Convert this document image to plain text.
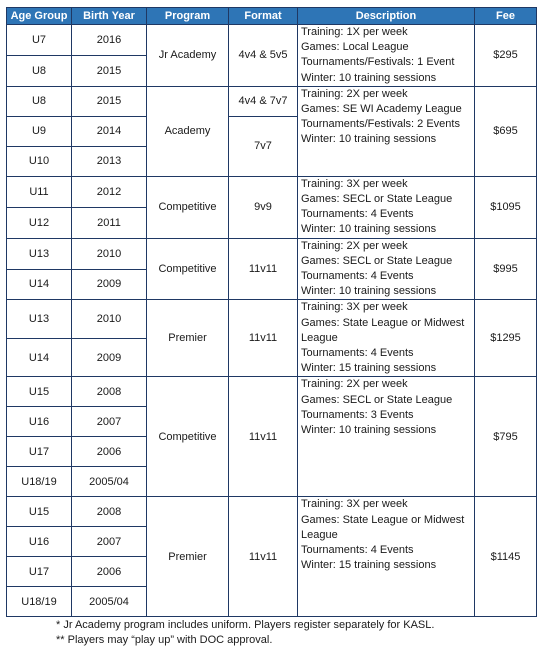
Age Group	Birth Year	Program	Format	Description	Fee
U7	2016	Jr Academy	4v4 & 5v5	Training: 1X per week
Games: Local League
Tournaments/Festivals: 1 Event
Winter: 10 training sessions	$295
U8	2015				
U8	2015	Academy	4v4 & 7v7	Training: 2X per week
Games: SE WI Academy League
Tournaments/Festivals: 2 Events
Winter: 10 training sessions	$695
U9	2014		7v7		
U10	2013				
U11	2012	Competitive	9v9	Training: 3X per week
Games: SECL or State League
Tournaments: 4 Events
Winter: 10 training sessions	$1095
U12	2011				
U13	2010	Competitive	11v11	Training: 2X per week
Games: SECL or State League
Tournaments: 4 Events
Winter: 10 training sessions	$995
U14	2009				
U13	2010	Premier	11v11	Training: 3X per week
Games: State League or Midwest
League
Tournaments: 4 Events
Winter: 15 training sessions	$1295
U14	2009				
U15	2008	Competitive	11v11	Training: 2X per week
Games: SECL or State League
Tournaments: 3 Events
Winter: 10 training sessions	$795
U16	2007				
U17	2006				
U18/19	2005/04				
U15	2008	Premier	11v11	Training: 3X per week
Games: State League or Midwest
League
Tournaments: 4 Events
Winter: 15 training sessions	$1145
U16	2007				
U17	2006				
U18/19	2005/04				
* Jr Academy program includes uniform. Players register separately for KASL.
** Players may “play up” with DOC approval.
